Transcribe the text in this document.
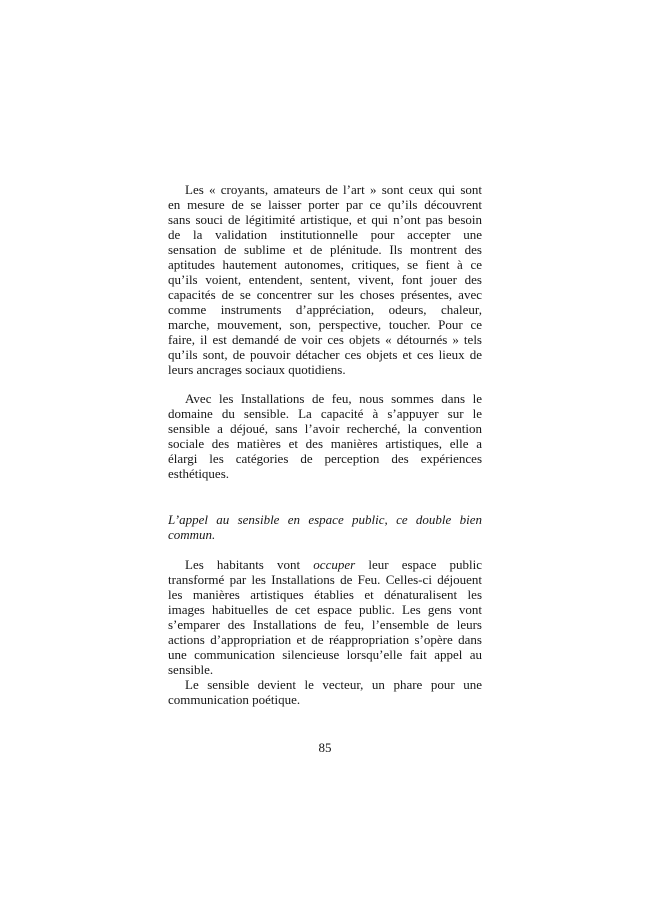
Les « croyants, amateurs de l’art » sont ceux qui sont
en mesure de se laisser porter par ce qu’ils découvrent
sans souci de légitimité artistique, et qui n’ont pas besoin
de la validation institutionnelle pour accepter une
sensation de sublime et de plénitude. Ils montrent des
aptitudes hautement autonomes, critiques, se fient à ce
qu’ils voient, entendent, sentent, vivent, font jouer des
capacités de se concentrer sur les choses présentes, avec
comme instruments d’appréciation, odeurs, chaleur,
marche, mouvement, son, perspective, toucher. Pour ce
faire, il est demandé de voir ces objets « détournés » tels
qu’ils sont, de pouvoir détacher ces objets et ces lieux de
leurs ancrages sociaux quotidiens.
Avec les Installations de feu, nous sommes dans le
domaine du sensible. La capacité à s’appuyer sur le
sensible a déjoué, sans l’avoir recherché, la convention
sociale des matières et des manières artistiques, elle a
élargi les catégories de perception des expériences
esthétiques.
L’appel au sensible en espace public, ce double bien
commun.
Les habitants vont occuper leur espace public
transformé par les Installations de Feu. Celles-ci déjouent
les manières artistiques établies et dénaturalisent les
images habituelles de cet espace public. Les gens vont
s’emparer des Installations de feu, l’ensemble de leurs
actions d’appropriation et de réappropriation s’opère dans
une communication silencieuse lorsqu’elle fait appel au
sensible.
Le sensible devient le vecteur, un phare pour une
communication poétique.
85
